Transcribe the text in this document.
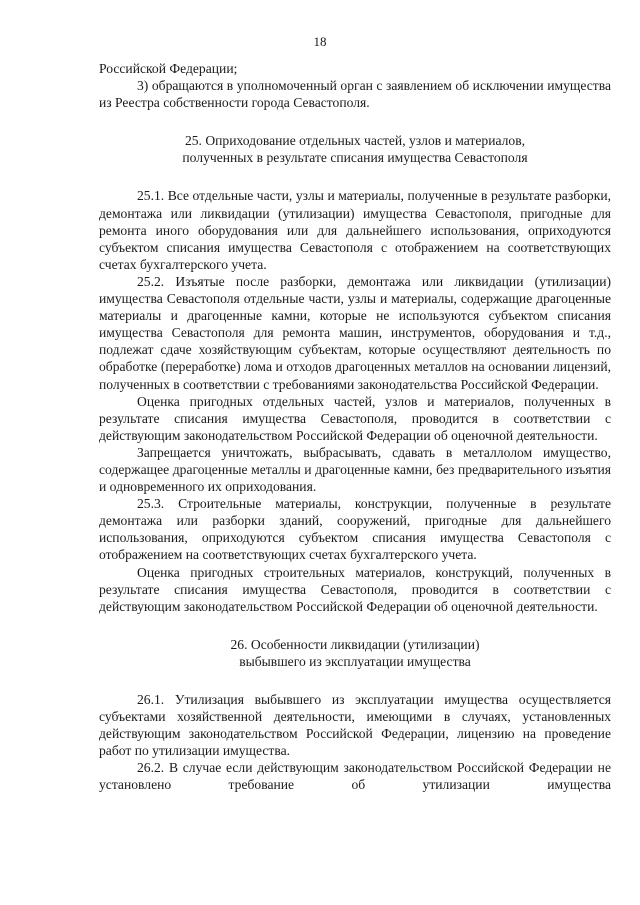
18

Российской Федерации;

3) обращаются в уполномоченный орган с заявлением об исключении имущества из Реестра собственности города Севастополя.

25. Оприходование отдельных частей, узлов и материалов,
полученных в результате списания имущества Севастополя

25.1. Все отдельные части, узлы и материалы, полученные в результате разборки, демонтажа или ликвидации (утилизации) имущества Севастополя, пригодные для ремонта иного оборудования или для дальнейшего использования, оприходуются субъектом списания имущества Севастополя с отображением на соответствующих счетах бухгалтерского учета.

25.2. Изъятые после разборки, демонтажа или ликвидации (утилизации) имущества Севастополя отдельные части, узлы и материалы, содержащие драгоценные материалы и драгоценные камни, которые не используются субъектом списания имущества Севастополя для ремонта машин, инструментов, оборудования и т.д., подлежат сдаче хозяйствующим субъектам, которые осуществляют деятельность по обработке (переработке) лома и отходов драгоценных металлов на основании лицензий, полученных в соответствии с требованиями законодательства Российской Федерации.

Оценка пригодных отдельных частей, узлов и материалов, полученных в результате списания имущества Севастополя, проводится в соответствии с действующим законодательством Российской Федерации об оценочной деятельности.

Запрещается уничтожать, выбрасывать, сдавать в металлолом имущество, содержащее драгоценные металлы и драгоценные камни, без предварительного изъятия и одновременного их оприходования.

25.3. Строительные материалы, конструкции, полученные в результате демонтажа или разборки зданий, сооружений, пригодные для дальнейшего использования, оприходуются субъектом списания имущества Севастополя с отображением на соответствующих счетах бухгалтерского учета.

Оценка пригодных строительных материалов, конструкций, полученных в результате списания имущества Севастополя, проводится в соответствии с действующим законодательством Российской Федерации об оценочной деятельности.

26. Особенности ликвидации (утилизации)
выбывшего из эксплуатации имущества

26.1. Утилизация выбывшего из эксплуатации имущества осуществляется субъектами хозяйственной деятельности, имеющими в случаях, установленных действующим законодательством Российской Федерации, лицензию на проведение работ по утилизации имущества.

26.2. В случае если действующим законодательством Российской Федерации не установлено требование об утилизации имущества
